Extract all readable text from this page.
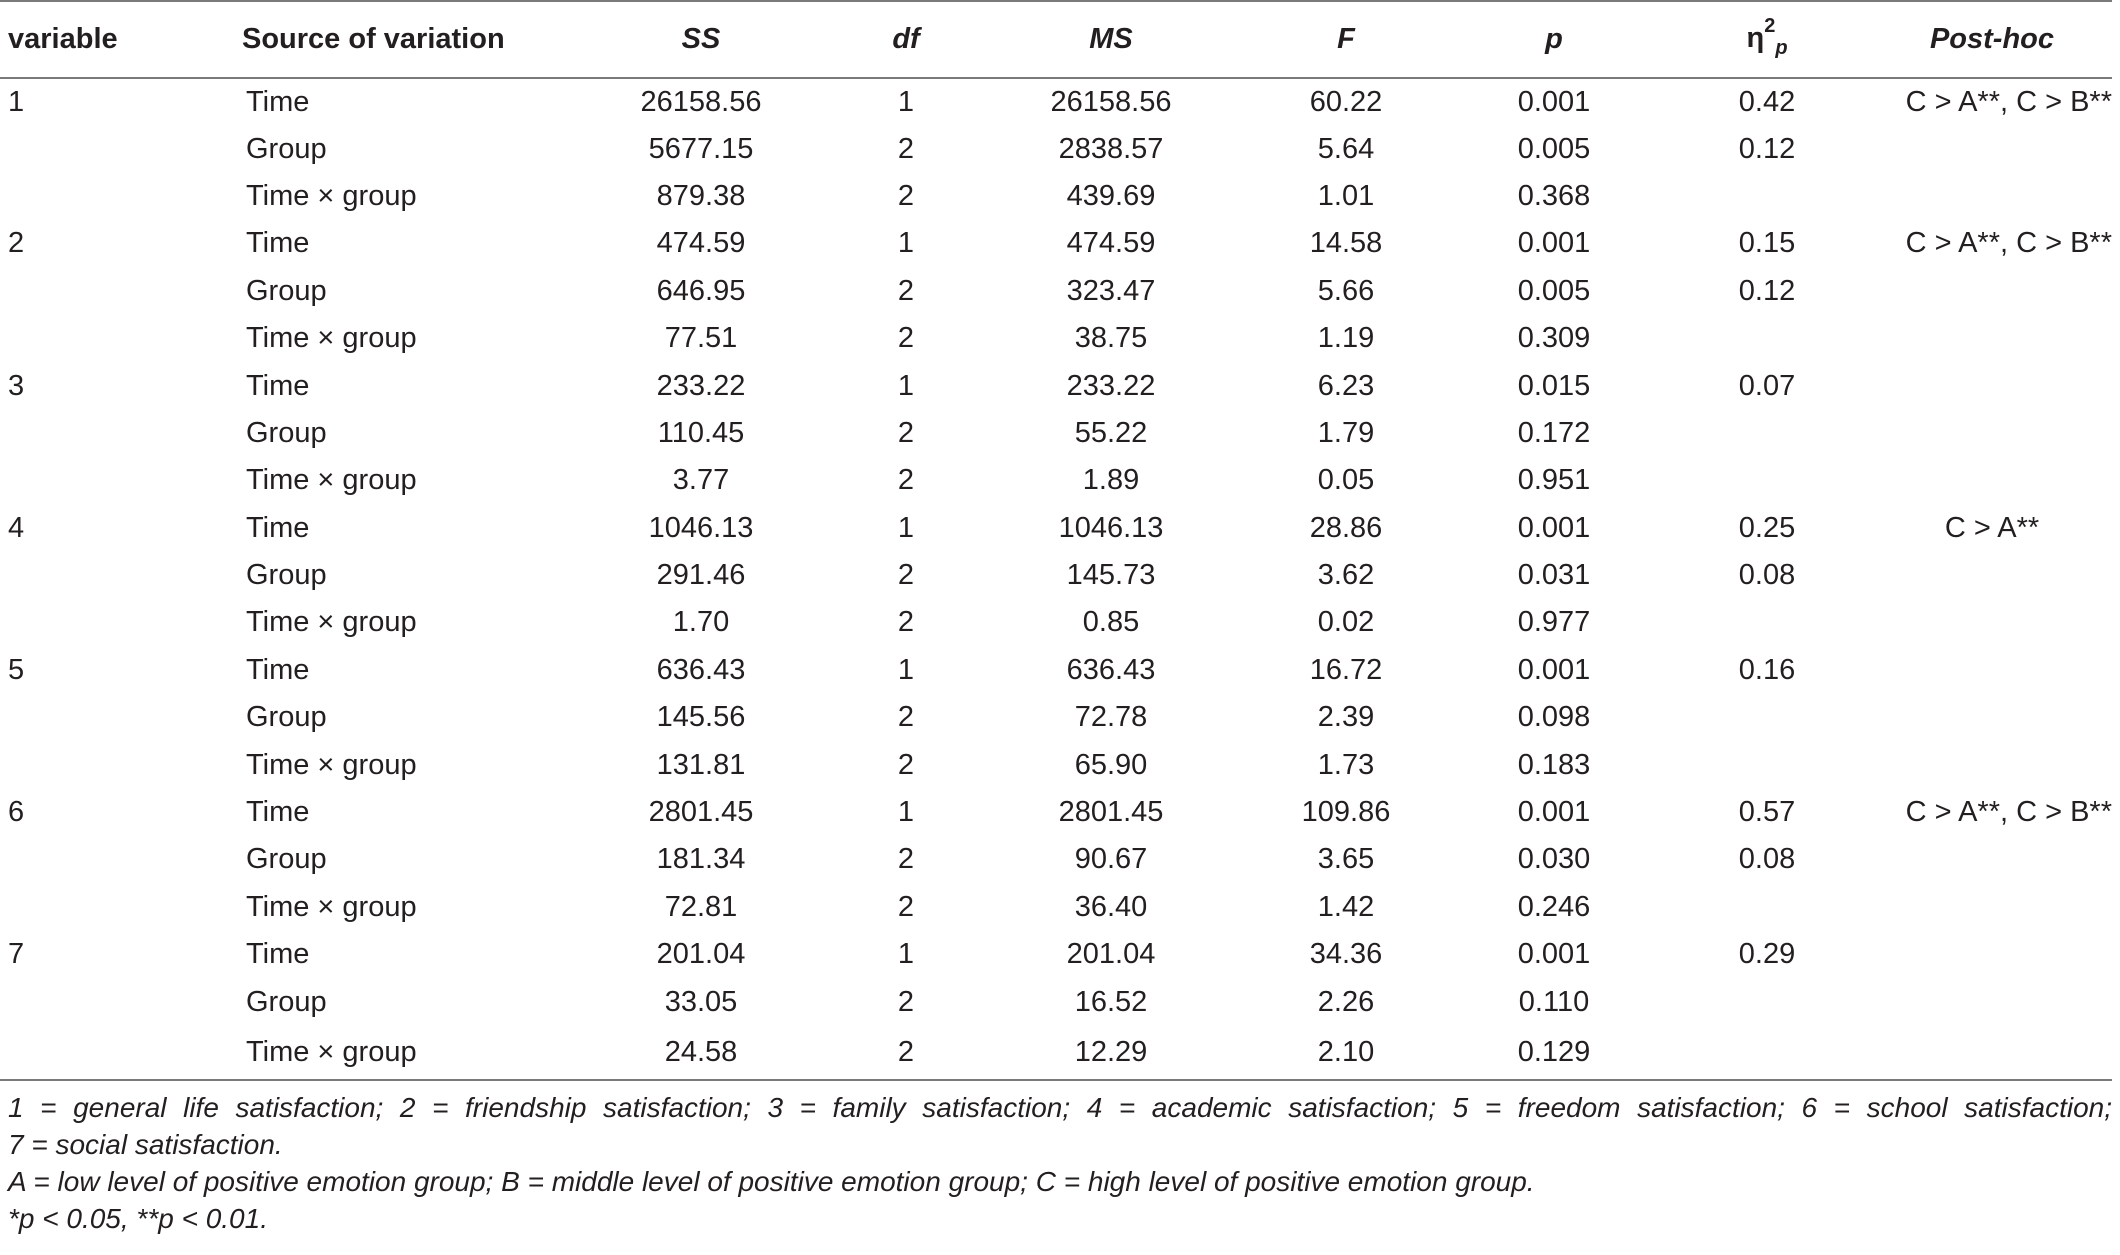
variable	Source of variation	SS	df	MS	F	p	$\eta^2_p$	Post-hoc
1	Time	26158.56	1	26158.56	60.22	0.001	0.42	C > A**, C > B**
	Group	5677.15	2	2838.57	5.64	0.005	0.12	
	Time × group	879.38	2	439.69	1.01	0.368		
2	Time	474.59	1	474.59	14.58	0.001	0.15	C > A**, C > B**
	Group	646.95	2	323.47	5.66	0.005	0.12	
	Time × group	77.51	2	38.75	1.19	0.309		
3	Time	233.22	1	233.22	6.23	0.015	0.07	
	Group	110.45	2	55.22	1.79	0.172		
	Time × group	3.77	2	1.89	0.05	0.951		
4	Time	1046.13	1	1046.13	28.86	0.001	0.25	C > A**
	Group	291.46	2	145.73	3.62	0.031	0.08	
	Time × group	1.70	2	0.85	0.02	0.977		
5	Time	636.43	1	636.43	16.72	0.001	0.16	
	Group	145.56	2	72.78	2.39	0.098		
	Time × group	131.81	2	65.90	1.73	0.183		
6	Time	2801.45	1	2801.45	109.86	0.001	0.57	C > A**, C > B**
	Group	181.34	2	90.67	3.65	0.030	0.08	
	Time × group	72.81	2	36.40	1.42	0.246		
7	Time	201.04	1	201.04	34.36	0.001	0.29	
	Group	33.05	2	16.52	2.26	0.110		
	Time × group	24.58	2	12.29	2.10	0.129		
1 = general life satisfaction; 2 = friendship satisfaction; 3 = family satisfaction; 4 = academic satisfaction; 5 = freedom satisfaction; 6 = school satisfaction;
7 = social satisfaction.
A = low level of positive emotion group; B = middle level of positive emotion group; C = high level of positive emotion group.
*p < 0.05, **p < 0.01.
